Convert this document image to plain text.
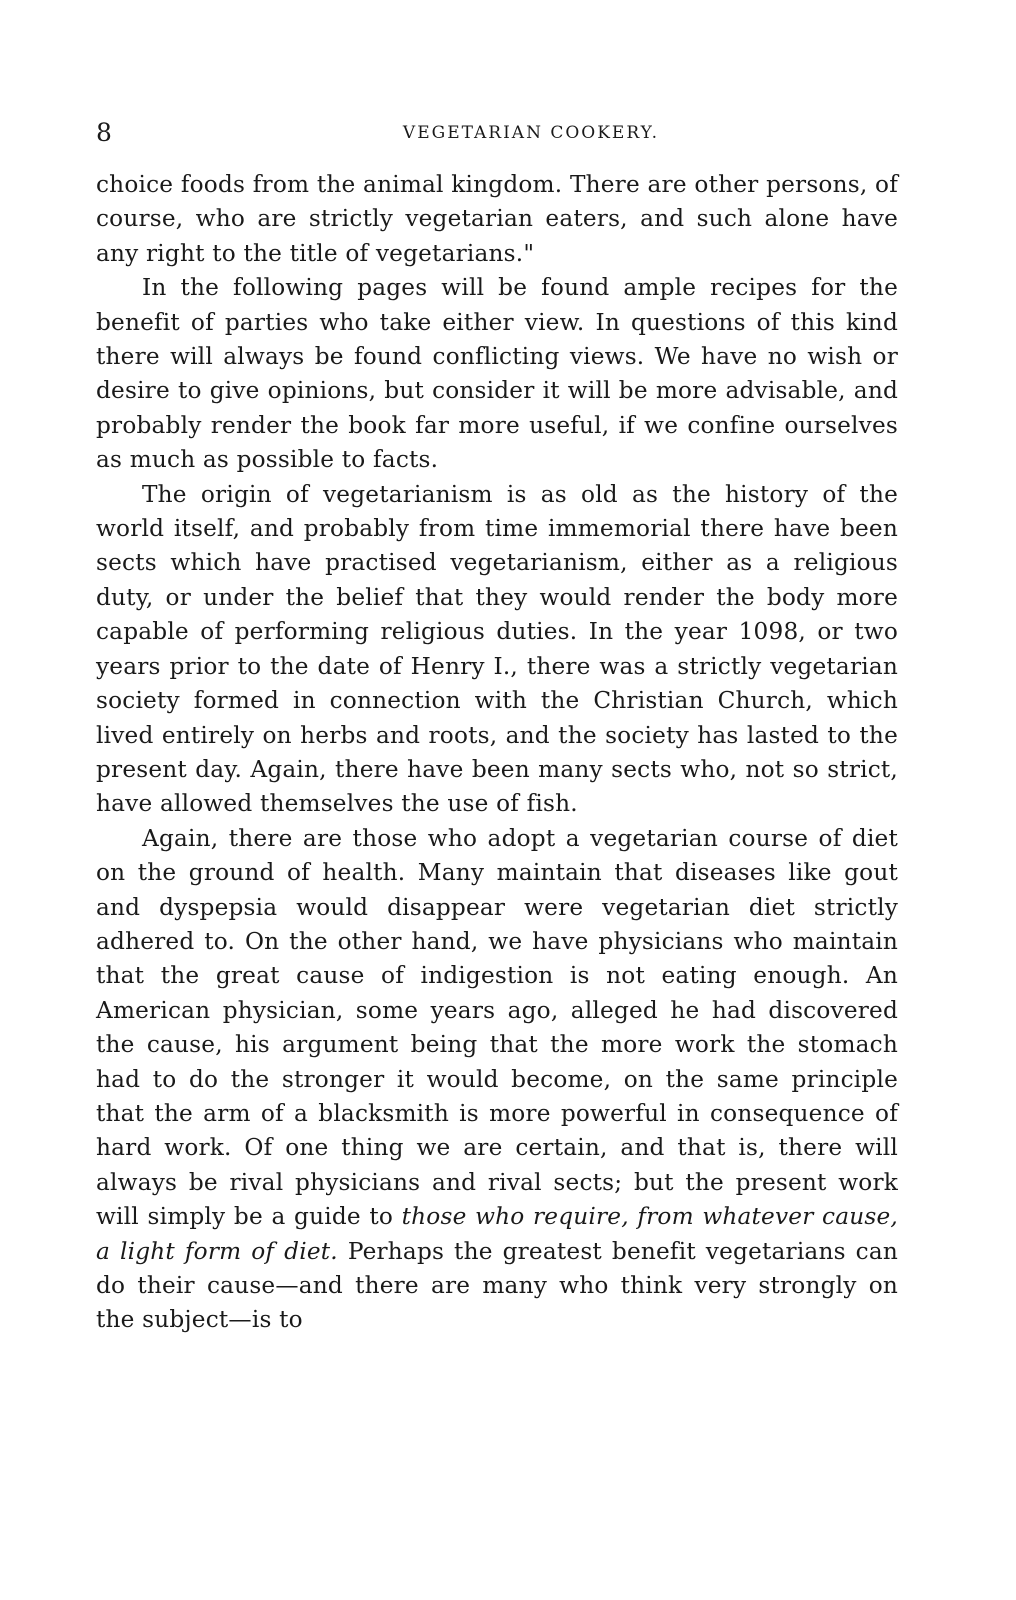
8	VEGETARIAN COOKERY.

choice foods from the animal kingdom. There are other persons, of course, who are strictly vegetarian eaters, and such alone have any right to the title of vegetarians."

In the following pages will be found ample recipes for the benefit of parties who take either view. In questions of this kind there will always be found conflicting views. We have no wish or desire to give opinions, but consider it will be more advisable, and probably render the book far more useful, if we confine ourselves as much as possible to facts.

The origin of vegetarianism is as old as the history of the world itself, and probably from time immemorial there have been sects which have practised vegetarianism, either as a religious duty, or under the belief that they would render the body more capable of performing religious duties. In the year 1098, or two years prior to the date of Henry I., there was a strictly vegetarian society formed in connection with the Christian Church, which lived entirely on herbs and roots, and the society has lasted to the present day. Again, there have been many sects who, not so strict, have allowed themselves the use of fish.

Again, there are those who adopt a vegetarian course of diet on the ground of health. Many maintain that diseases like gout and dyspepsia would disappear were vegetarian diet strictly adhered to. On the other hand, we have physicians who maintain that the great cause of indigestion is not eating enough. An American physician, some years ago, alleged he had discovered the cause, his argument being that the more work the stomach had to do the stronger it would become, on the same principle that the arm of a blacksmith is more powerful in consequence of hard work. Of one thing we are certain, and that is, there will always be rival physicians and rival sects; but the present work will simply be a guide to those who require, from whatever cause, a light form of diet. Perhaps the greatest benefit vegetarians can do their cause—and there are many who think very strongly on the subject—is to
